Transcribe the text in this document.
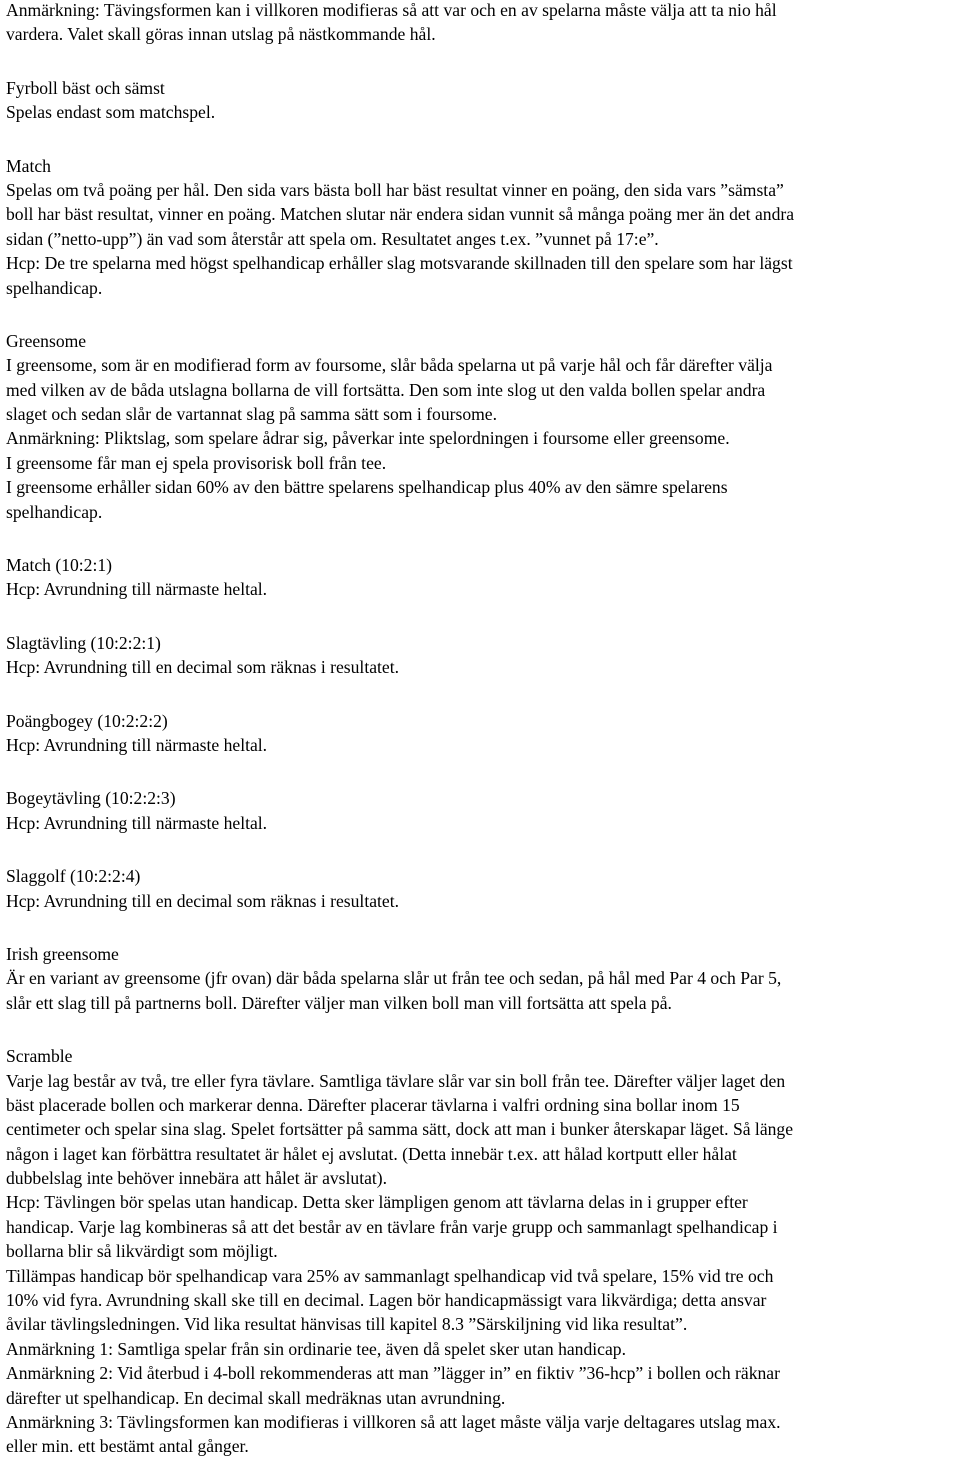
Anmärkning: Tävingsformen kan i villkoren modifieras så att var och en av spelarna måste välja att ta nio hål
vardera. Valet skall göras innan utslag på nästkommande hål.
Fyrboll bäst och sämst
Spelas endast som matchspel.
Match
Spelas om två poäng per hål. Den sida vars bästa boll har bäst resultat vinner en poäng, den sida vars ”sämsta”
boll har bäst resultat, vinner en poäng. Matchen slutar när endera sidan vunnit så många poäng mer än det andra
sidan (”netto-upp”) än vad som återstår att spela om. Resultatet anges t.ex. ”vunnet på 17:e”.
Hcp: De tre spelarna med högst spelhandicap erhåller slag motsvarande skillnaden till den spelare som har lägst
spelhandicap.
Greensome
I greensome, som är en modifierad form av foursome, slår båda spelarna ut på varje hål och får därefter välja
med vilken av de båda utslagna bollarna de vill fortsätta. Den som inte slog ut den valda bollen spelar andra
slaget och sedan slår de vartannat slag på samma sätt som i foursome.
Anmärkning: Pliktslag, som spelare ådrar sig, påverkar inte spelordningen i foursome eller greensome.
I greensome får man ej spela provisorisk boll från tee.
I greensome erhåller sidan 60% av den bättre spelarens spelhandicap plus 40% av den sämre spelarens
spelhandicap.
Match (10:2:1)
Hcp: Avrundning till närmaste heltal.
Slagtävling (10:2:2:1)
Hcp: Avrundning till en decimal som räknas i resultatet.
Poängbogey (10:2:2:2)
Hcp: Avrundning till närmaste heltal.
Bogeytävling (10:2:2:3)
Hcp: Avrundning till närmaste heltal.
Slaggolf (10:2:2:4)
Hcp: Avrundning till en decimal som räknas i resultatet.
Irish greensome
Är en variant av greensome (jfr ovan) där båda spelarna slår ut från tee och sedan, på hål med Par 4 och Par 5,
slår ett slag till på partnerns boll. Därefter väljer man vilken boll man vill fortsätta att spela på.
Scramble
Varje lag består av två, tre eller fyra tävlare. Samtliga tävlare slår var sin boll från tee. Därefter väljer laget den
bäst placerade bollen och markerar denna. Därefter placerar tävlarna i valfri ordning sina bollar inom 15
centimeter och spelar sina slag. Spelet fortsätter på samma sätt, dock att man i bunker återskapar läget. Så länge
någon i laget kan förbättra resultatet är hålet ej avslutat. (Detta innebär t.ex. att hålad kortputt eller hålat
dubbelslag inte behöver innebära att hålet är avslutat).
Hcp: Tävlingen bör spelas utan handicap. Detta sker lämpligen genom att tävlarna delas in i grupper efter
handicap. Varje lag kombineras så att det består av en tävlare från varje grupp och sammanlagt spelhandicap i
bollarna blir så likvärdigt som möjligt.
Tillämpas handicap bör spelhandicap vara 25% av sammanlagt spelhandicap vid två spelare, 15% vid tre och
10% vid fyra. Avrundning skall ske till en decimal. Lagen bör handicapmässigt vara likvärdiga; detta ansvar
åvilar tävlingsledningen. Vid lika resultat hänvisas till kapitel 8.3 ”Särskiljning vid lika resultat”.
Anmärkning 1: Samtliga spelar från sin ordinarie tee, även då spelet sker utan handicap.
Anmärkning 2: Vid återbud i 4-boll rekommenderas att man ”lägger in” en fiktiv ”36-hcp” i bollen och räknar
därefter ut spelhandicap. En decimal skall medräknas utan avrundning.
Anmärkning 3: Tävlingsformen kan modifieras i villkoren så att laget måste välja varje deltagares utslag max.
eller min. ett bestämt antal gånger.
